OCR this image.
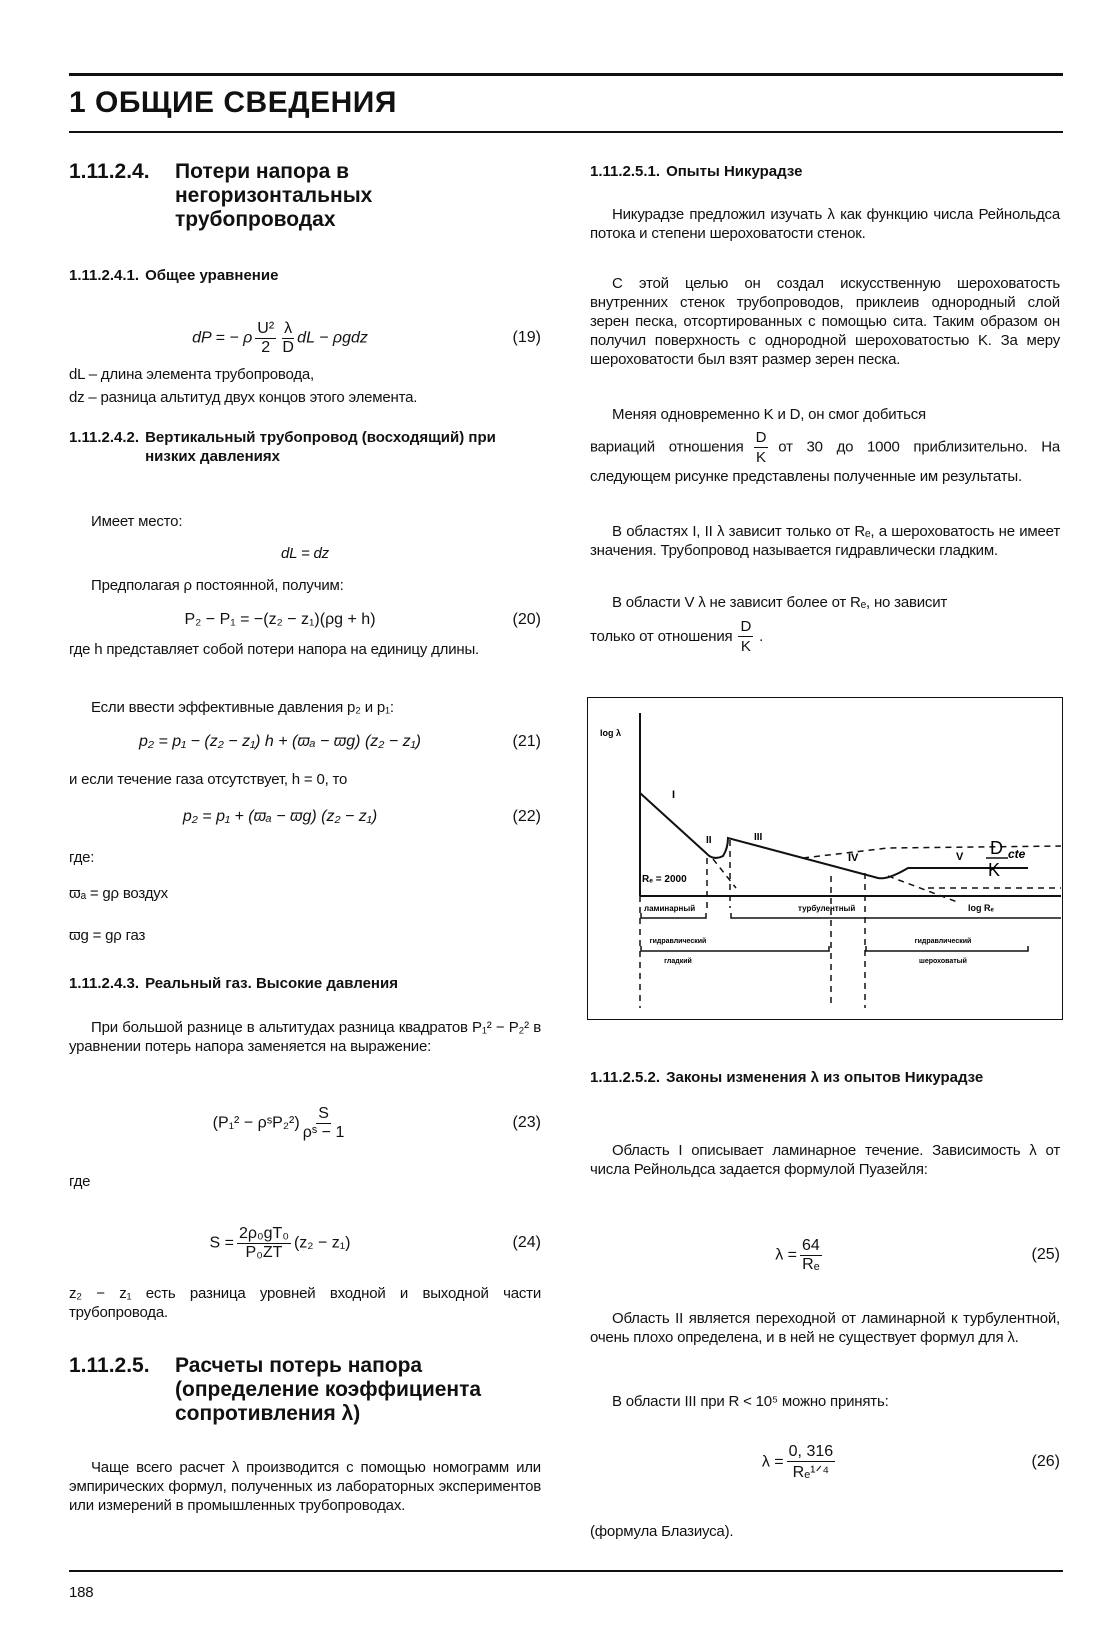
1 ОБЩИЕ СВЕДЕНИЯ
1.11.2.4.	Потери напора в негоризонтальных трубопроводах
1.11.2.4.1. Общее уравнение
dP = − ρ $\frac{\text{U²}}{2} \frac{\lambda}{D}$ dL − ρgdz	(19)
dL – длина элемента трубопровода,
dz – разница альтитуд двух концов этого элемента.
1.11.2.4.2. Вертикальный трубопровод (восходящий) при низких давлениях
Имеет место:
dL = dz
Предполагая ρ постоянной, получим:
P₂ − P₁ = −(z₂ − z₁)(ρg + h)	(20)
где h представляет собой потери напора на единицу длины.
Если ввести эффективные давления p₂ и p₁:
p₂ = p₁ − (z₂ − z₁) h + (ϖₐ − ϖg) (z₂ − z₁)	(21)
и если течение газа отсутствует, h = 0, то
p₂ = p₁ + (ϖₐ − ϖg) (z₂ − z₁)	(22)
где:
ϖₐ = gρ воздух
ϖg = gρ газ
1.11.2.4.3. Реальный газ. Высокие давления
При большой разнице в альтитудах разница квадратов P₁² − P₂² в уравнении потерь напора заменяется на выражение:
(P₁² − ρˢP₂²) $\frac{S}{\text{ρˢ − 1}}$	(23)
где
$S = \frac{\text{2ρ₀gT₀}}{\text{P₀ZT}} (z_2 - z_1)$	(24)
z₂ − z₁ есть разница уровней входной и выходной части трубопровода.
1.11.2.5.	Расчеты потерь напора (определение коэффициента сопротивления λ)
Чаще всего расчет λ производится с помощью номограмм или эмпирических формул, полученных из лабораторных экспериментов или измерений в промышленных трубопроводах.
1.11.2.5.1. Опыты Никурадзе
Никурадзе предложил изучать λ как функцию числа Рейнольдса потока и степени шероховатости стенок.
С этой целью он создал искусственную шероховатость внутренних стенок трубопроводов, приклеив однородный слой зерен песка, отсортированных с помощью сита. Таким образом он получил поверхность с однородной шероховатостью K. За меру шероховатости был взят размер зерен песка.
Меняя одновременно K и D, он смог добиться
вариаций отношения $\frac{D}{K}$ от 30 до 1000 приблизительно. На следующем рисунке представлены полученные им результаты.
В областях I, II λ зависит только от Rₑ, а шероховатость не имеет значения. Трубопровод называется гидравлически гладким.
В области V λ не зависит более от Rₑ, но зависит
только от отношения $\frac{D}{K}$ .
log λ
I
II	III
IV	V
Rₑ = 2000
D
K
cte
log Rₑ
ламинарный	турбулентный
гидравлический
гладкий
гидравлический
шероховатый
1.11.2.5.2. Законы изменения λ из опытов Никурадзе
Область I описывает ламинарное течение. Зависимость λ от числа Рейнольдса задается формулой Пуазейля:
$\lambda = \frac{64}{\text{Rₑ}}$	(25)
Область II является переходной от ламинарной к турбулентной, очень плохо определена, и в ней не существует формул для λ.
В области III при R < 10⁵ можно принять:
$\lambda = \frac{0, 316}{\text{Rₑ¹ᐟ⁴}}$	(26)
(формула Блазиуса).
188
